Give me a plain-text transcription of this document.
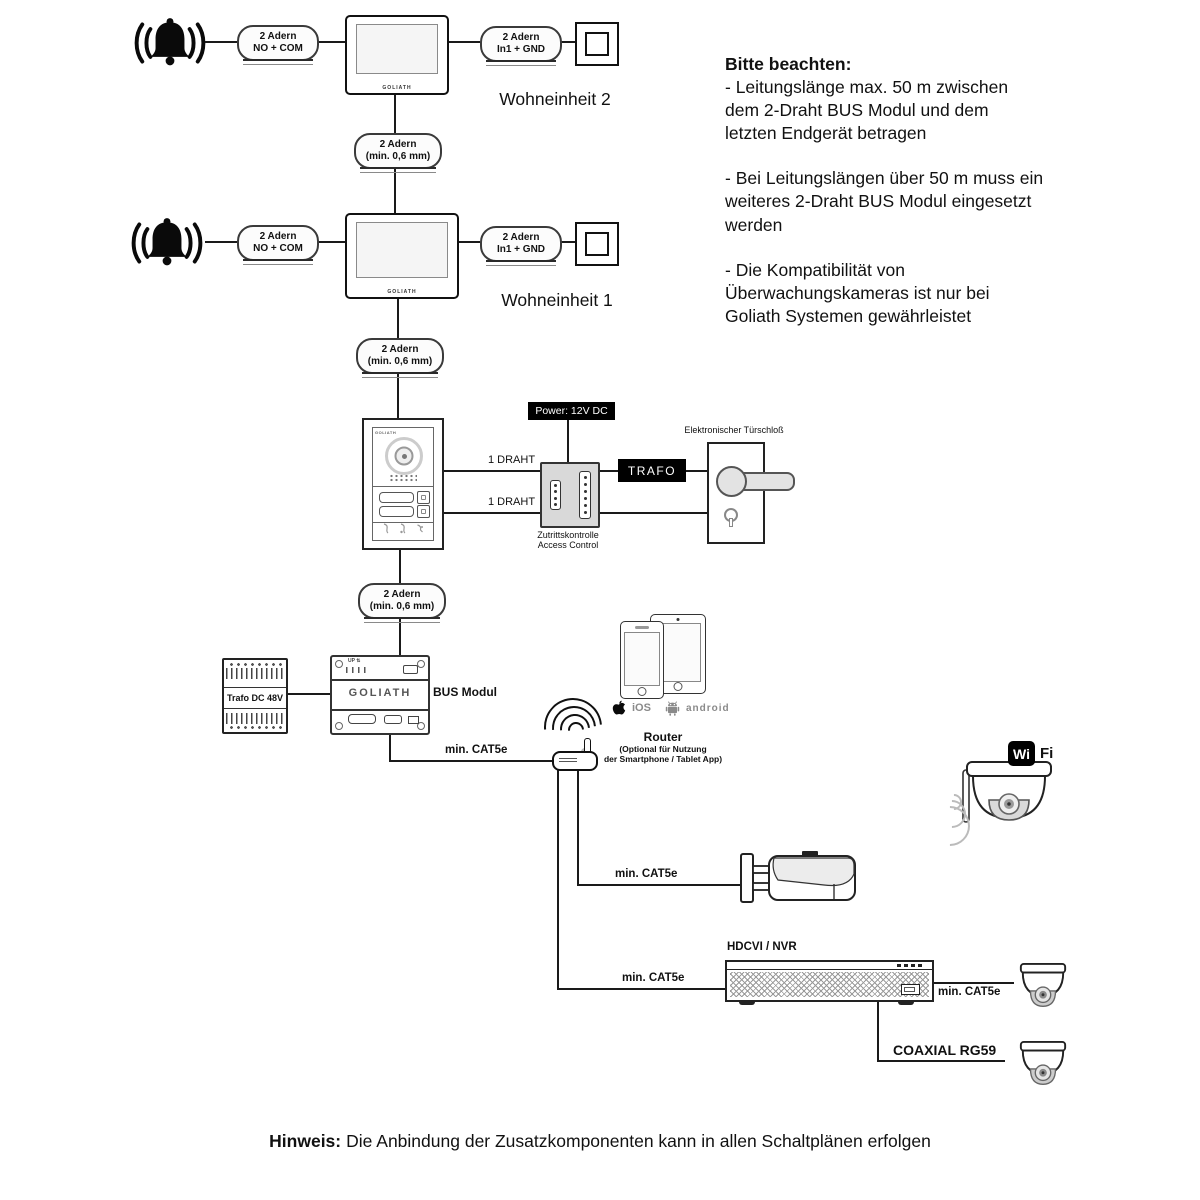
2 Adern
NO + COM
GOLIATH
2 Adern
In1 + GND
Wohneinheit 2
2 Adern
(min. 0,6 mm)
2 Adern
NO + COM
GOLIATH
2 Adern
In1 + GND
Wohneinheit 1
2 Adern
(min. 0,6 mm)
Bitte beachten:
- Leitungslänge max. 50 m zwischen
dem 2-Draht BUS Modul und dem
letzten Endgerät betragen
- Bei Leitungslängen über 50 m muss ein
weiteres 2-Draht BUS Modul eingesetzt
werden
- Die Kompatibilität von
Überwachungskameras ist nur bei
Goliath Systemen gewährleistet
GOLIATH
1 DRAHT
1 DRAHT
Power: 12V DC
Zutrittskontrolle
Access Control
TRAFO
Elektronischer Türschloß
2 Adern
(min. 0,6 mm)
Trafo DC 48V
UP ⇅
GOLIATH	BUS Modul
min. CAT5e
iOS	android
Router
(Optional für Nutzung
der Smartphone / Tablet App)	Wi Fi
min. CAT5e
min. CAT5e
HDCVI / NVR
min. CAT5e
COAXIAL RG59
Hinweis: Die Anbindung der Zusatzkomponenten kann in allen Schaltplänen erfolgen
